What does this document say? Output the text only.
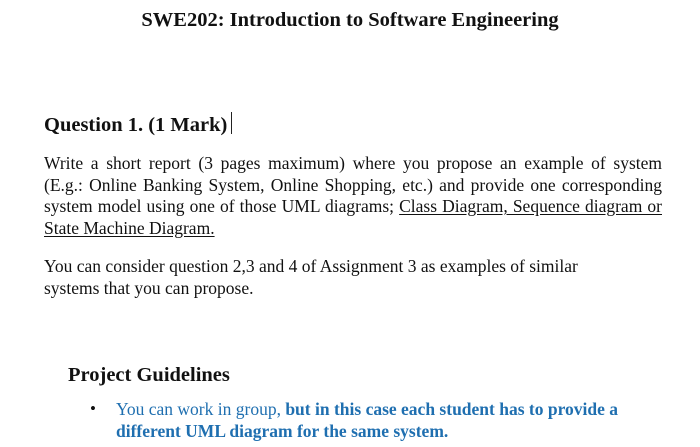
SWE202: Introduction to Software Engineering
Question 1. (1 Mark)
Write a short report (3 pages maximum) where you propose an example of system (E.g.: Online Banking System, Online Shopping, etc.) and provide one corresponding system model using one of those UML diagrams; Class Diagram, Sequence diagram or State Machine Diagram.
You can consider question 2,3 and 4 of Assignment 3 as examples of similar systems that you can propose.
Project Guidelines
• You can work in group, but in this case each student has to provide a different UML diagram for the same system.
